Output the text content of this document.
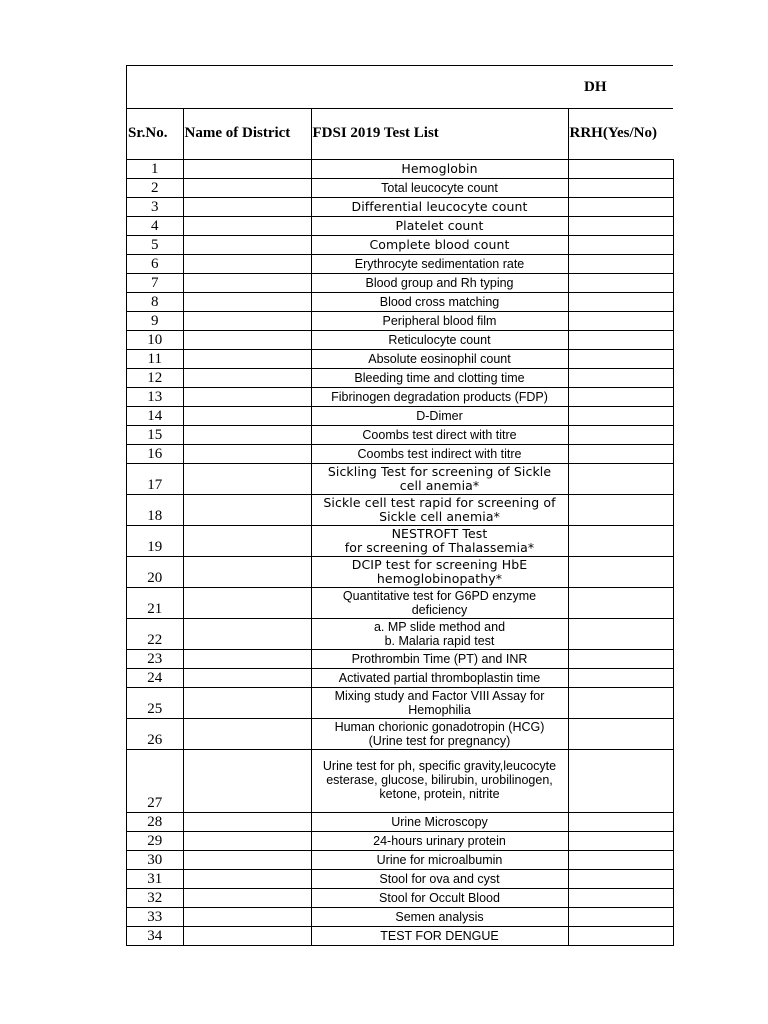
DH
Sr.No.	Name of District	FDSI 2019 Test List	RRH(Yes/No)
1		Hemoglobin	
2		Total leucocyte count	
3		Differential leucocyte count	
4		Platelet count	
5		Complete blood count	
6		Erythrocyte sedimentation rate	
7		Blood group and Rh typing	
8		Blood cross matching	
9		Peripheral blood film	
10		Reticulocyte count	
11		Absolute eosinophil count	
12		Bleeding time and clotting time	
13		Fibrinogen degradation products (FDP)	
14		D-Dimer	
15		Coombs test direct with titre	
16		Coombs test indirect with titre	
17		Sickling Test for screening of Sickle
cell anemia*	
18		Sickle cell test rapid for screening of
Sickle cell anemia*	
19		NESTROFT Test
for screening of Thalassemia*	
20		DCIP test for screening HbE
hemoglobinopathy*	
21		Quantitative test for G6PD enzyme
deficiency	
22		a. MP slide method and
b. Malaria rapid test	
23		Prothrombin Time (PT) and INR	
24		Activated partial thromboplastin time	
25		Mixing study and Factor VIII Assay for
Hemophilia	
26		Human chorionic gonadotropin (HCG)
(Urine test for pregnancy)	
27		Urine test for ph, specific gravity,leucocyte
esterase, glucose, bilirubin, urobilinogen,
ketone, protein, nitrite	
28		Urine Microscopy	
29		24-hours urinary protein	
30		Urine for microalbumin	
31		Stool for ova and cyst	
32		Stool for Occult Blood	
33		Semen analysis	
34		TEST FOR DENGUE	
